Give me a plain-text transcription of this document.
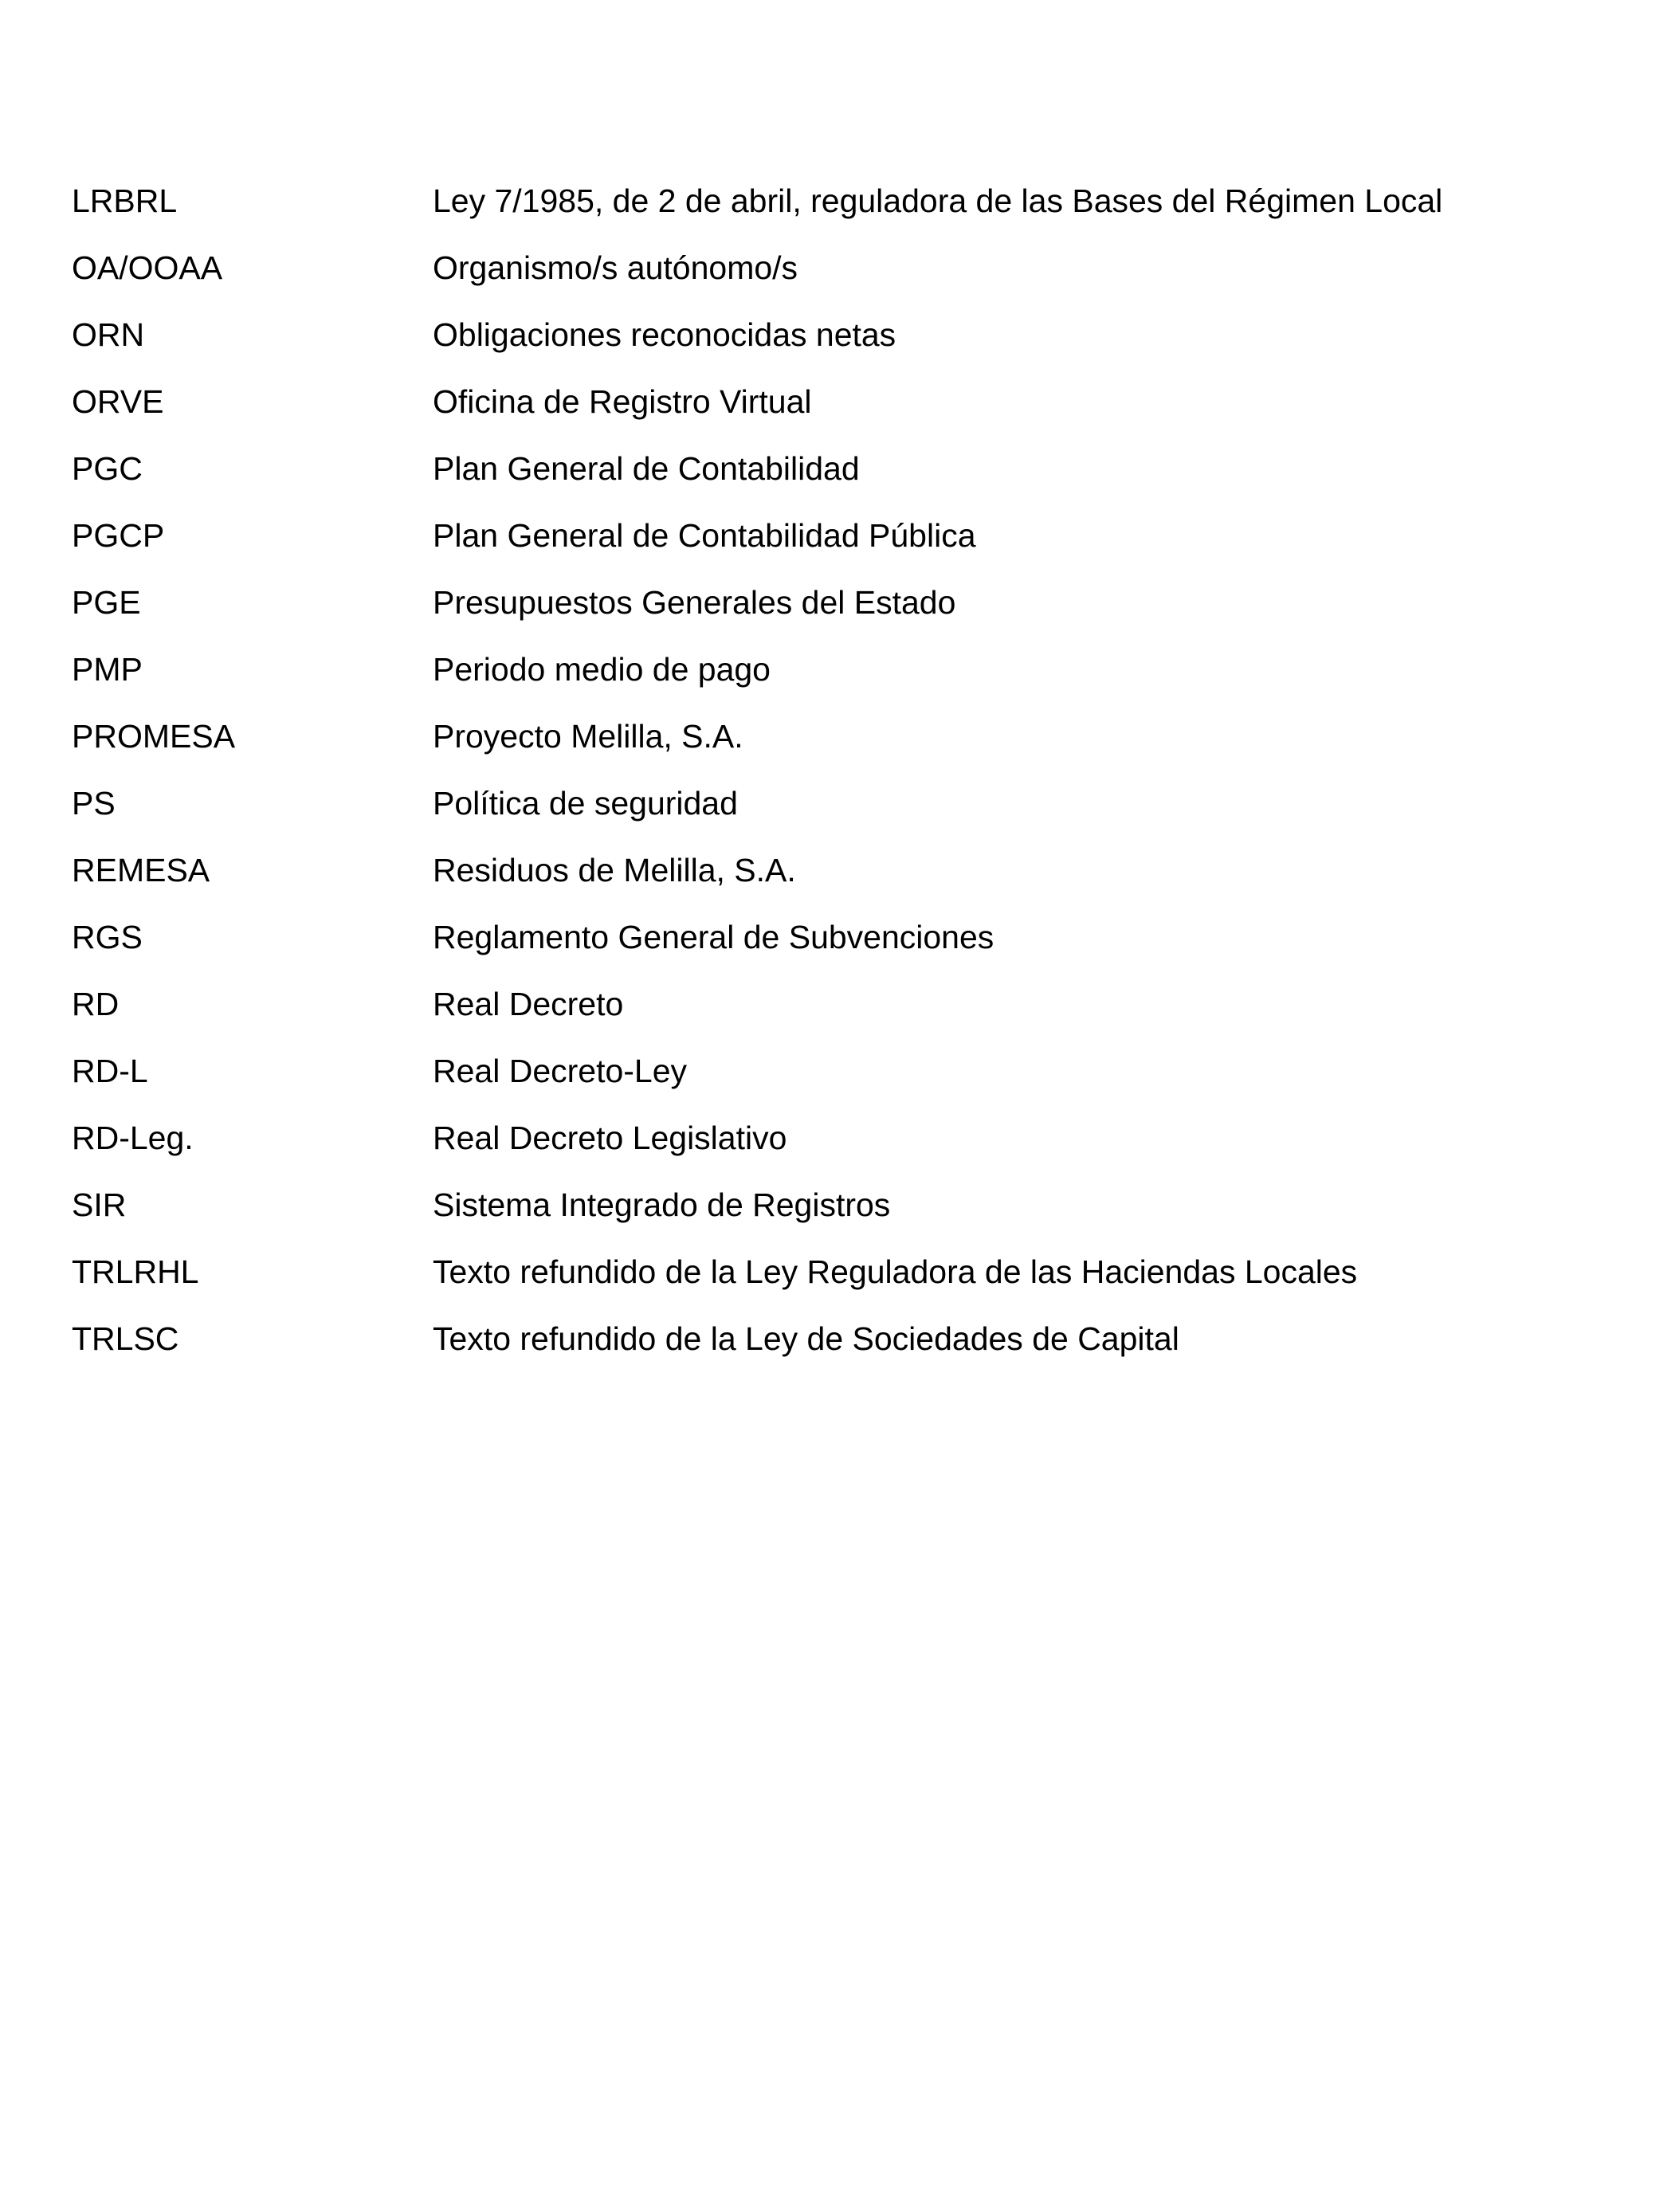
LRBRL	Ley 7/1985, de 2 de abril, reguladora de las Bases del Régimen Local
OA/OOAA	Organismo/s autónomo/s
ORN	Obligaciones reconocidas netas
ORVE	Oficina de Registro Virtual
PGC	Plan General de Contabilidad
PGCP	Plan General de Contabilidad Pública
PGE	Presupuestos Generales del Estado
PMP	Periodo medio de pago
PROMESA	Proyecto Melilla, S.A.
PS	Política de seguridad
REMESA	Residuos de Melilla, S.A.
RGS	Reglamento General de Subvenciones
RD	Real Decreto
RD-L	Real Decreto-Ley
RD-Leg.	Real Decreto Legislativo
SIR	Sistema Integrado de Registros
TRLRHL	Texto refundido de la Ley Reguladora de las Haciendas Locales
TRLSC	Texto refundido de la Ley de Sociedades de Capital
